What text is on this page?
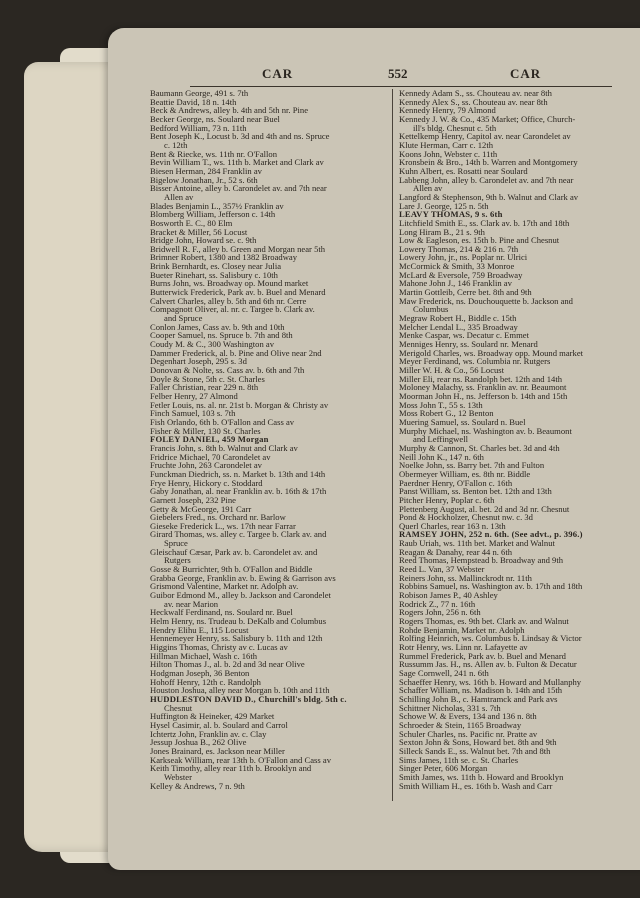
CAR	552	CAR
Baumann George, 491 s. 7th
Beattie David, 18 n. 14th
Beck & Andrews, alley b. 4th and 5th nr. Pine
Becker George, ns. Soulard near Buel
Bedford William, 73 n. 11th
Bent Joseph K., Locust b. 3d and 4th and ns. Spruce
c. 12th
Bent & Riecke, ws. 11th nr. O'Fallon
Bevin William T., ws. 11th b. Market and Clark av
Biesen Herman, 284 Franklin av
Bigelow Jonathan, Jr., 52 s. 6th
Bisser Antoine, alley b. Carondelet av. and 7th near
Allen av
Blades Benjamin L., 357½ Franklin av
Blomberg William, Jefferson c. 14th
Bosworth E. C., 80 Elm
Bracket & Miller, 56 Locust
Bridge John, Howard se. c. 9th
Bridwell R. F., alley b. Green and Morgan near 5th
Brimner Robert, 1380 and 1382 Broadway
Brink Bernhardt, es. Closey near Julia
Bueter Rinehart, ss. Salisbury c. 10th
Burns John, ws. Broadway op. Mound market
Butterwick Frederick, Park av. b. Buel and Menard
Calvert Charles, alley b. 5th and 6th nr. Cerre
Compagnott Oliver, al. nr. c. Targee b. Clark av.
and Spruce
Conlon James, Cass av. b. 9th and 10th
Cooper Samuel, ns. Spruce b. 7th and 8th
Coudy M. & C., 300 Washington av
Dammer Frederick, al. b. Pine and Olive near 2nd
Degenhart Joseph, 295 s. 3d
Donovan & Nolte, ss. Cass av. b. 6th and 7th
Doyle & Stone, 5th c. St. Charles
Faller Christian, rear 229 n. 8th
Felber Henry, 27 Almond
Fetler Louis, ns. al. nr. 21st b. Morgan & Christy av
Finch Samuel, 103 s. 7th
Fish Orlando, 6th b. O'Fallon and Cass av
Fisher & Miller, 130 St. Charles
FOLEY DANIEL, 459 Morgan
Francis John, s. 8th b. Walnut and Clark av
Fridrice Michael, 70 Carondelet av
Fruchte John, 263 Carondelet av
Funckman Diedrich, ss. n. Market b. 13th and 14th
Frye Henry, Hickory c. Stoddard
Gaby Jonathan, al. near Franklin av. b. 16th & 17th
Garnett Joseph, 232 Pine
Getty & McGeorge, 191 Carr
Giebelers Fred., ns. Orchard nr. Barlow
Gieseke Frederick L., ws. 17th near Farrar
Girard Thomas, ws. alley c. Targee b. Clark av. and
Spruce
Gleischauf Cæsar, Park av. b. Carondelet av. and
Rutgers
Gosse & Burrichter, 9th b. O'Fallon and Biddle
Grabba George, Franklin av. b. Ewing & Garrison avs
Grismond Valentine, Market nr. Adolph av.
Guibor Edmond M., alley b. Jackson and Carondelet
av. near Marion
Heckwalf Ferdinand, ns. Soulard nr. Buel
Helm Henry, ns. Trudeau b. DeKalb and Columbus
Hendry Elihu E., 115 Locust
Hennemeyer Henry, ss. Salisbury b. 11th and 12th
Higgins Thomas, Christy av c. Lucas av
Hillman Michael, Wash c. 16th
Hilton Thomas J., al. b. 2d and 3d near Olive
Hodgman Joseph, 36 Benton
Hohoff Henry, 12th c. Randolph
Houston Joshua, alley near Morgan b. 10th and 11th
HUDDLESTON DAVID D., Churchill's bldg. 5th c.
Chesnut
Huffington & Heineker, 429 Market
Hysel Casimir, al. b. Soulard and Carrol
Ichtertz John, Franklin av. c. Clay
Jessup Joshua B., 262 Olive
Jones Brainard, es. Jackson near Miller
Karkseak William, rear 13th b. O'Fallon and Cass av
Keith Timothy, alley rear 11th b. Brooklyn and
Webster
Kelley & Andrews, 7 n. 9th
Kennedy Adam S., ss. Chouteau av. near 8th
Kennedy Alex S., ss. Chouteau av. near 8th
Kennedy Henry, 79 Almond
Kennedy J. W. & Co., 435 Market; Office, Church-
ill's bldg. Chesnut c. 5th
Kettelkemp Henry, Capitol av. near Carondelet av
Klute Herman, Carr c. 12th
Koons John, Webster c. 11th
Kronsbein & Bro., 14th b. Warren and Montgomery
Kuhn Albert, es. Rosatti near Soulard
Labbeng John, alley b. Carondelet av. and 7th near
Allen av
Langford & Stephenson, 9th b. Walnut and Clark av
Lare J. George, 125 n. 5th
LEAVY THOMAS, 9 s. 6th
Litchfield Smith E., ss. Clark av. b. 17th and 18th
Long Hiram B., 21 s. 9th
Low & Eagleson, es. 15th b. Pine and Chesnut
Lowery Thomas, 214 & 216 n. 7th
Lowery John, jr., ns. Poplar nr. Ulrici
McCormick & Smith, 33 Monroe
McLard & Eversole, 759 Broadway
Mahone John J., 146 Franklin av
Martin Gottleib, Cerre bet. 8th and 9th
Maw Frederick, ns. Douchouquette b. Jackson and
Columbus
Megraw Robert H., Biddle c. 15th
Melcher Lendal L., 335 Broadway
Menke Caspar, ws. Decatur c. Emmet
Menniges Henry, ss. Soulard nr. Menard
Merigold Charles, ws. Broadway opp. Mound market
Meyer Ferdinand, ws. Columbia nr. Rutgers
Miller W. H. & Co., 56 Locust
Miller Eli, rear ns. Randolph bet. 12th and 14th
Moloney Malachy, ss. Franklin av. nr. Beaumont
Moorman John H., ns. Jefferson b. 14th and 15th
Moss John T., 55 s. 13th
Moss Robert G., 12 Benton
Muering Samuel, ss. Soulard n. Buel
Murphy Michael, ns. Washington av. b. Beaumont
and Leffingwell
Murphy & Cannon, St. Charles bet. 3d and 4th
Neill John K., 147 n. 6th
Noelke John, ss. Barry bet. 7th and Fulton
Obermeyer William, es. 8th nr. Biddle
Paerdner Henry, O'Fallon c. 16th
Panst William, ss. Benton bet. 12th and 13th
Pitcher Henry, Poplar c. 6th
Plettenberg August, al. bet. 2d and 3d nr. Chesnut
Pond & Hockholzer, Chesnut nw. c. 3d
Querl Charles, rear 163 n. 13th
RAMSEY JOHN, 252 n. 6th. (See advt., p. 396.)
Raub Uriah, ws. 11th bet. Market and Walnut
Reagan & Danahy, rear 44 n. 6th
Reed Thomas, Hempstead b. Broadway and 9th
Reed L. Van, 37 Webster
Reiners John, ss. Mallinckrodt nr. 11th
Robbins Samuel, ns. Washington av. b. 17th and 18th
Robison James P., 40 Ashley
Rodrick Z., 77 n. 16th
Rogers John, 256 n. 6th
Rogers Thomas, es. 9th bet. Clark av. and Walnut
Rohde Benjamin, Market nr. Adolph
Rolfing Heinrich, ws. Columbus b. Lindsay & Victor
Rotr Henry, ws. Linn nr. Lafayette av
Rummel Frederick, Park av. b. Buel and Menard
Russumm Jas. H., ns. Allen av. b. Fulton & Decatur
Sage Cornwell, 241 n. 6th
Schaeffer Henry, ws. 16th b. Howard and Mullanphy
Schaffer William, ns. Madison b. 14th and 15th
Schilling John B., c. Hamtramck and Park avs
Schittner Nicholas, 331 s. 7th
Schowe W. & Evers, 134 and 136 n. 8th
Schroeder & Stein, 1165 Broadway
Schuler Charles, ns. Pacific nr. Pratte av
Sexton John & Sons, Howard bet. 8th and 9th
Silleck Sands E., ss. Walnut bet. 7th and 8th
Sims James, 11th se. c. St. Charles
Singer Peter, 606 Morgan
Smith James, ws. 11th b. Howard and Brooklyn
Smith William H., es. 16th b. Wash and Carr
